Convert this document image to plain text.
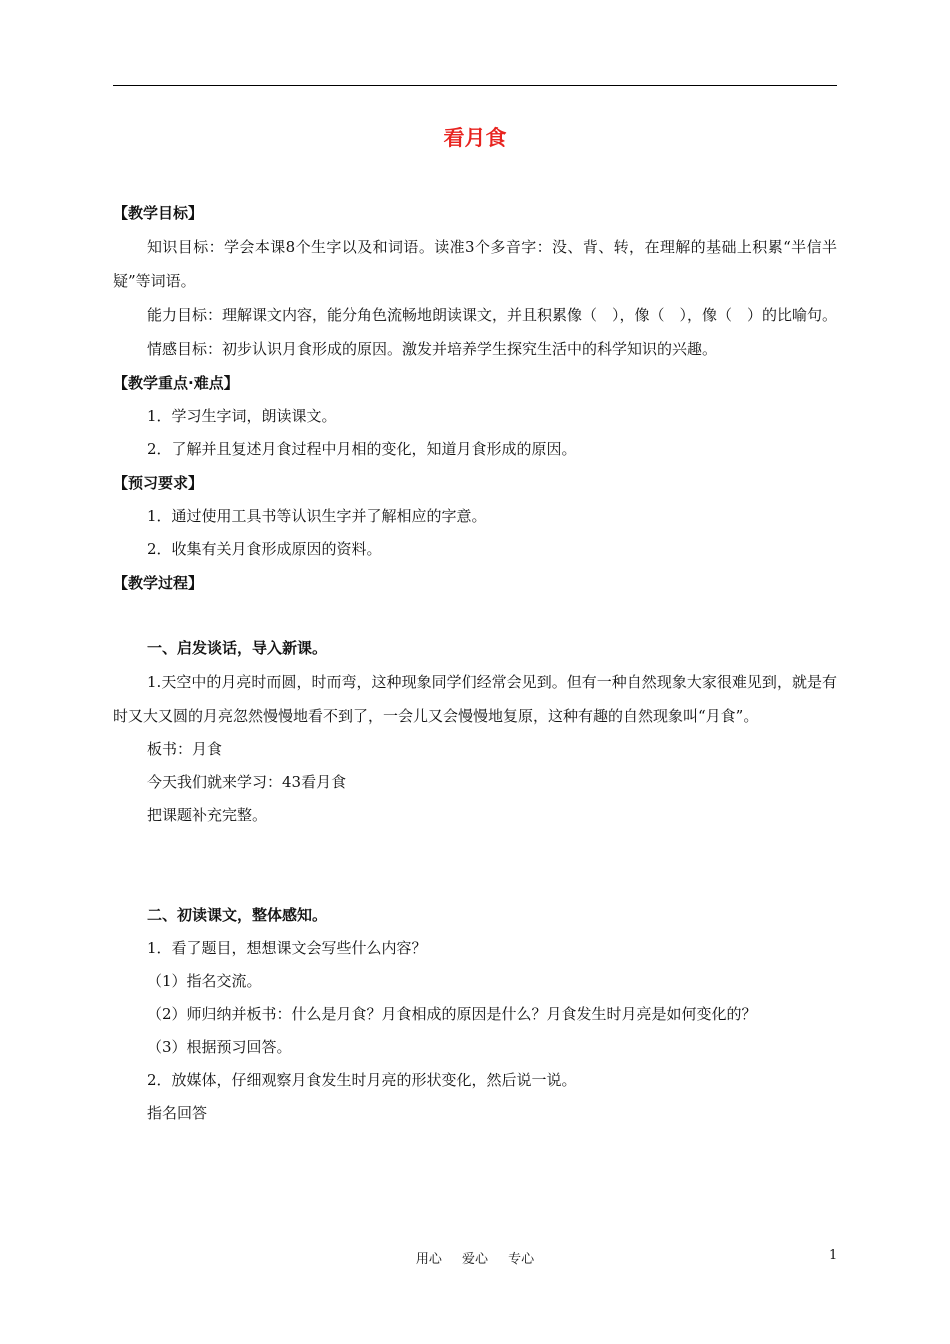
看月食
【教学目标】
知识目标：学会本课8个生字以及和词语。读准3个多音字：没、背、转，在理解的基础上积累“半信半疑”等词语。
能力目标：理解课文内容，能分角色流畅地朗读课文，并且积累像（　），像（　），像（　）的比喻句。
情感目标：初步认识月食形成的原因。激发并培养学生探究生活中的科学知识的兴趣。
【教学重点·难点】
1．学习生字词，朗读课文。
2．了解并且复述月食过程中月相的变化，知道月食形成的原因。
【预习要求】
1．通过使用工具书等认识生字并了解相应的字意。
2．收集有关月食形成原因的资料。
【教学过程】
一、启发谈话，导入新课。
1.天空中的月亮时而圆，时而弯，这种现象同学们经常会见到。但有一种自然现象大家很难见到，就是有时又大又圆的月亮忽然慢慢地看不到了，一会儿又会慢慢地复原，这种有趣的自然现象叫“月食”。
板书：月食
今天我们就来学习：43看月食
把课题补充完整。
二、初读课文，整体感知。
1．看了题目，想想课文会写些什么内容？
（1）指名交流。
（2）师归纳并板书：什么是月食？月食相成的原因是什么？月食发生时月亮是如何变化的？
（3）根据预习回答。
2．放媒体，仔细观察月食发生时月亮的形状变化，然后说一说。
指名回答
用心 爱心 专心	1
